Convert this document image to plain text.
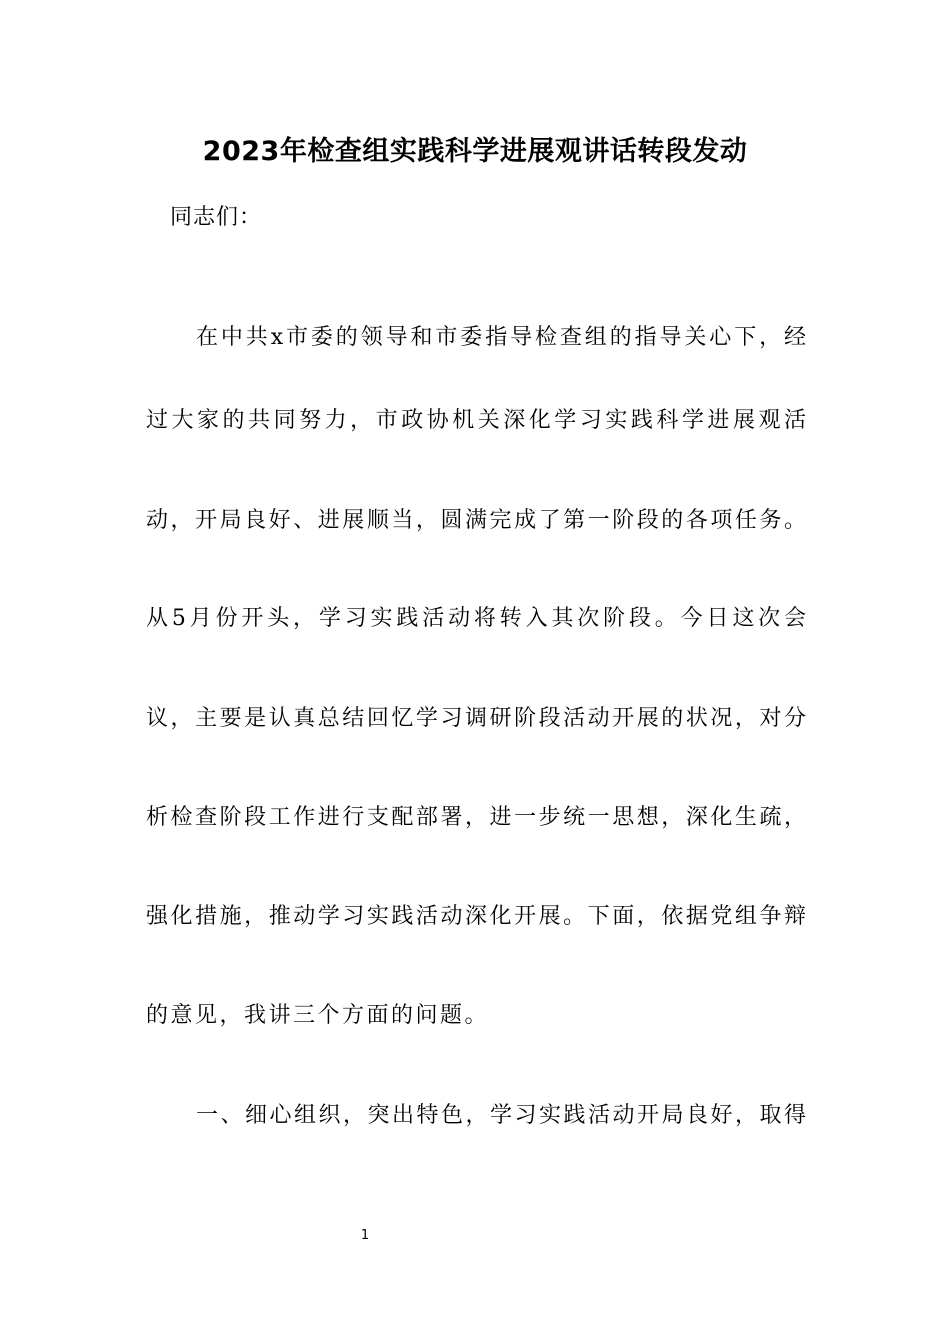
2023年检查组实践科学进展观讲话转段发动
同志们：
在中共x市委的领导和市委指导检查组的指导关心下，经
过大家的共同努力，市政协机关深化学习实践科学进展观活
动，开局良好、进展顺当，圆满完成了第一阶段的各项任务。
从5月份开头，学习实践活动将转入其次阶段。今日这次会
议，主要是认真总结回忆学习调研阶段活动开展的状况，对分
析检查阶段工作进行支配部署，进一步统一思想，深化生疏，
强化措施，推动学习实践活动深化开展。下面，依据党组争辩
的意见，我讲三个方面的问题。
一、细心组织，突出特色，学习实践活动开局良好，取得
1
